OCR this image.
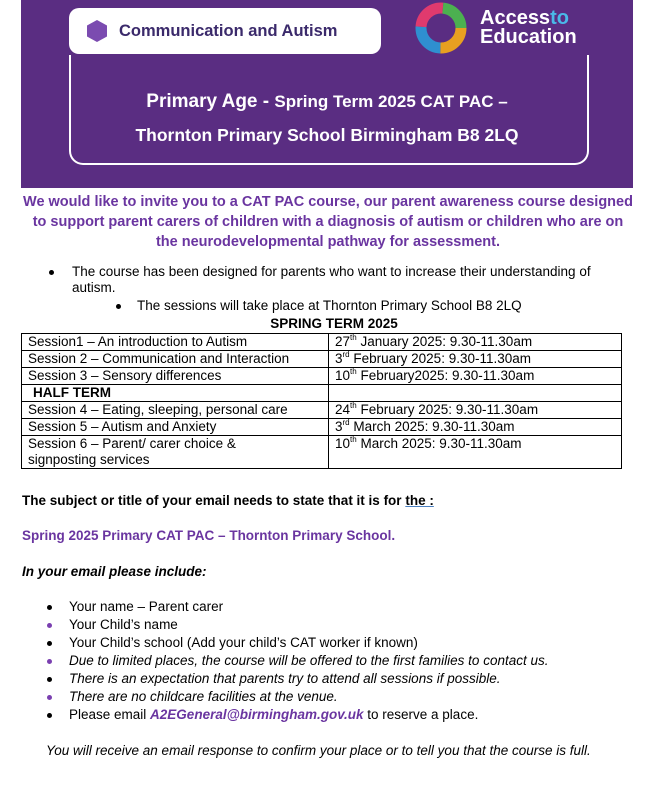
Communication and Autism
Accessto
Education
Primary Age - Spring Term 2025 CAT PAC –
Thornton Primary School Birmingham B8 2LQ
We would like to invite you to a CAT PAC course, our parent awareness course designed to support parent carers of children with a diagnosis of autism or children who are on the neurodevelopmental pathway for assessment.
The course has been designed for parents who want to increase their understanding of autism.
The sessions will take place at Thornton Primary School B8 2LQ
SPRING TERM 2025
Session1 – An introduction to Autism	27th January 2025: 9.30-11.30am
Session 2 – Communication and Interaction	3rd February 2025: 9.30-11.30am
Session 3 – Sensory differences	10th February2025: 9.30-11.30am
HALF TERM	
Session 4 – Eating, sleeping, personal care	24th February 2025: 9.30-11.30am
Session 5 – Autism and Anxiety	3rd March 2025: 9.30-11.30am
Session 6 – Parent/ carer choice &
signposting services	10th March 2025: 9.30-11.30am
The subject or title of your email needs to state that it is for the :
Spring 2025 Primary CAT PAC – Thornton Primary School.
In your email please include:
Your name – Parent carer
Your Child’s name
Your Child’s school (Add your child’s CAT worker if known)
Due to limited places, the course will be offered to the first families to contact us.
There is an expectation that parents try to attend all sessions if possible.
There are no childcare facilities at the venue.
Please email A2EGeneral@birmingham.gov.uk to reserve a place.
You will receive an email response to confirm your place or to tell you that the course is full.
